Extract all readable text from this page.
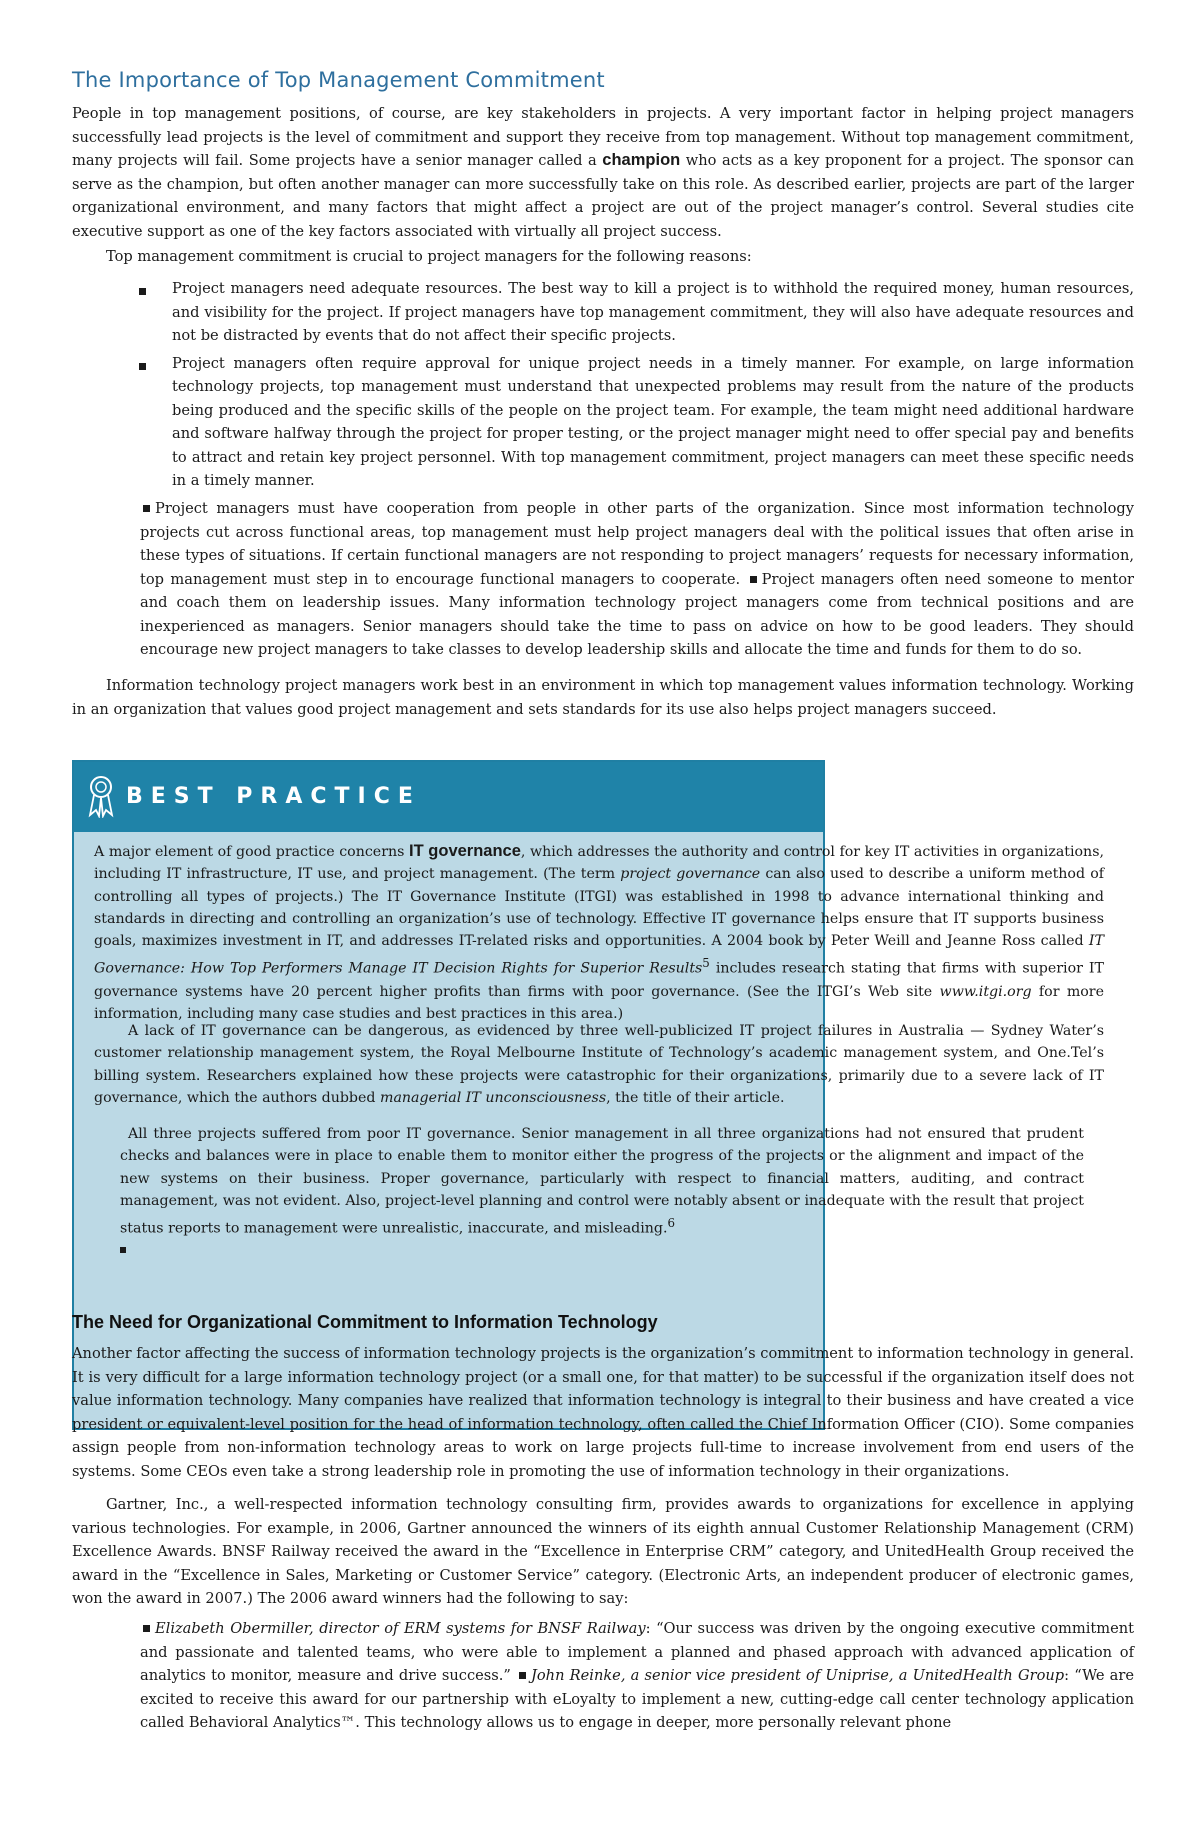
The Importance of Top Management Commitment

People in top management positions, of course, are key stakeholders in projects. A very important factor in helping project managers successfully lead projects is the level of commitment and support they receive from top management. Without top management commitment, many projects will fail. Some projects have a senior manager called a champion who acts as a key proponent for a project. The sponsor can serve as the champion, but often another manager can more successfully take on this role. As described earlier, projects are part of the larger organizational environment, and many factors that might affect a project are out of the project manager’s control. Several studies cite executive support as one of the key factors associated with virtually all project success.

Top management commitment is crucial to project managers for the following reasons:

Project managers need adequate resources. The best way to kill a project is to withhold the required money, human resources, and visibility for the project. If project managers have top management commitment, they will also have adequate resources and not be distracted by events that do not affect their specific projects.
Project managers often require approval for unique project needs in a timely manner. For example, on large information technology projects, top management must understand that unexpected problems may result from the nature of the products being produced and the specific skills of the people on the project team. For example, the team might need additional hardware and software halfway through the project for proper testing, or the project manager might need to offer special pay and benefits to attract and retain key project personnel. With top management commitment, project managers can meet these specific needs in a timely manner.

Project managers must have cooperation from people in other parts of the organization. Since most information technology projects cut across functional areas, top management must help project managers deal with the political issues that often arise in these types of situations. If certain functional managers are not responding to project managers’ requests for necessary information, top management must step in to encourage functional managers to cooperate. Project managers often need someone to mentor and coach them on leadership issues. Many information technology project managers come from technical positions and are inexperienced as managers. Senior managers should take the time to pass on advice on how to be good leaders. They should encourage new project managers to take classes to develop leadership skills and allocate the time and funds for them to do so.

Information technology project managers work best in an environment in which top management values information technology. Working in an organization that values good project management and sets standards for its use also helps project managers succeed.

BEST PRACTICE

A major element of good practice concerns IT governance, which addresses the authority and control for key IT activities in organizations, including IT infrastructure, IT use, and project management. (The term project governance can also used to describe a uniform method of controlling all types of projects.) The IT Governance Institute (ITGI) was established in 1998 to advance international thinking and standards in directing and controlling an organization’s use of technology. Effective IT governance helps ensure that IT supports business goals, maximizes investment in IT, and addresses IT-related risks and opportunities. A 2004 book by Peter Weill and Jeanne Ross called IT Governance: How Top Performers Manage IT Decision Rights for Superior Results$^5$ includes research stating that firms with superior IT governance systems have 20 percent higher profits than firms with poor governance. (See the ITGI’s Web site www.itgi.org for more information, including many case studies and best practices in this area.)

A lack of IT governance can be dangerous, as evidenced by three well-publicized IT project failures in Australia — Sydney Water’s customer relationship management system, the Royal Melbourne Institute of Technology’s academic management system, and One.Tel’s billing system. Researchers explained how these projects were catastrophic for their organizations, primarily due to a severe lack of IT governance, which the authors dubbed managerial IT unconsciousness, the title of their article.

All three projects suffered from poor IT governance. Senior management in all three organizations had not ensured that prudent checks and balances were in place to enable them to monitor either the progress of the projects or the alignment and impact of the new systems on their business. Proper governance, particularly with respect to financial matters, auditing, and contract management, was not evident. Also, project-level planning and control were notably absent or inadequate with the result that project status reports to management were unrealistic, inaccurate, and misleading.$^6$

The Need for Organizational Commitment to Information Technology

Another factor affecting the success of information technology projects is the organization’s commitment to information technology in general. It is very difficult for a large information technology project (or a small one, for that matter) to be successful if the organization itself does not value information technology. Many companies have realized that information technology is integral to their business and have created a vice president or equivalent-level position for the head of information technology, often called the Chief Information Officer (CIO). Some companies assign people from non-information technology areas to work on large projects full-time to increase involvement from end users of the systems. Some CEOs even take a strong leadership role in promoting the use of information technology in their organizations.

Gartner, Inc., a well-respected information technology consulting firm, provides awards to organizations for excellence in applying various technologies. For example, in 2006, Gartner announced the winners of its eighth annual Customer Relationship Management (CRM) Excellence Awards. BNSF Railway received the award in the “Excellence in Enterprise CRM” category, and UnitedHealth Group received the award in the “Excellence in Sales, Marketing or Customer Service” category. (Electronic Arts, an independent producer of electronic games, won the award in 2007.) The 2006 award winners had the following to say:

Elizabeth Obermiller, director of ERM systems for BNSF Railway: “Our success was driven by the ongoing executive commitment and passionate and talented teams, who were able to implement a planned and phased approach with advanced application of analytics to monitor, measure and drive success.” John Reinke, a senior vice president of Uniprise, a UnitedHealth Group: “We are excited to receive this award for our partnership with eLoyalty to implement a new, cutting-edge call center technology application called Behavioral Analytics™. This technology allows us to engage in deeper, more personally relevant phone
